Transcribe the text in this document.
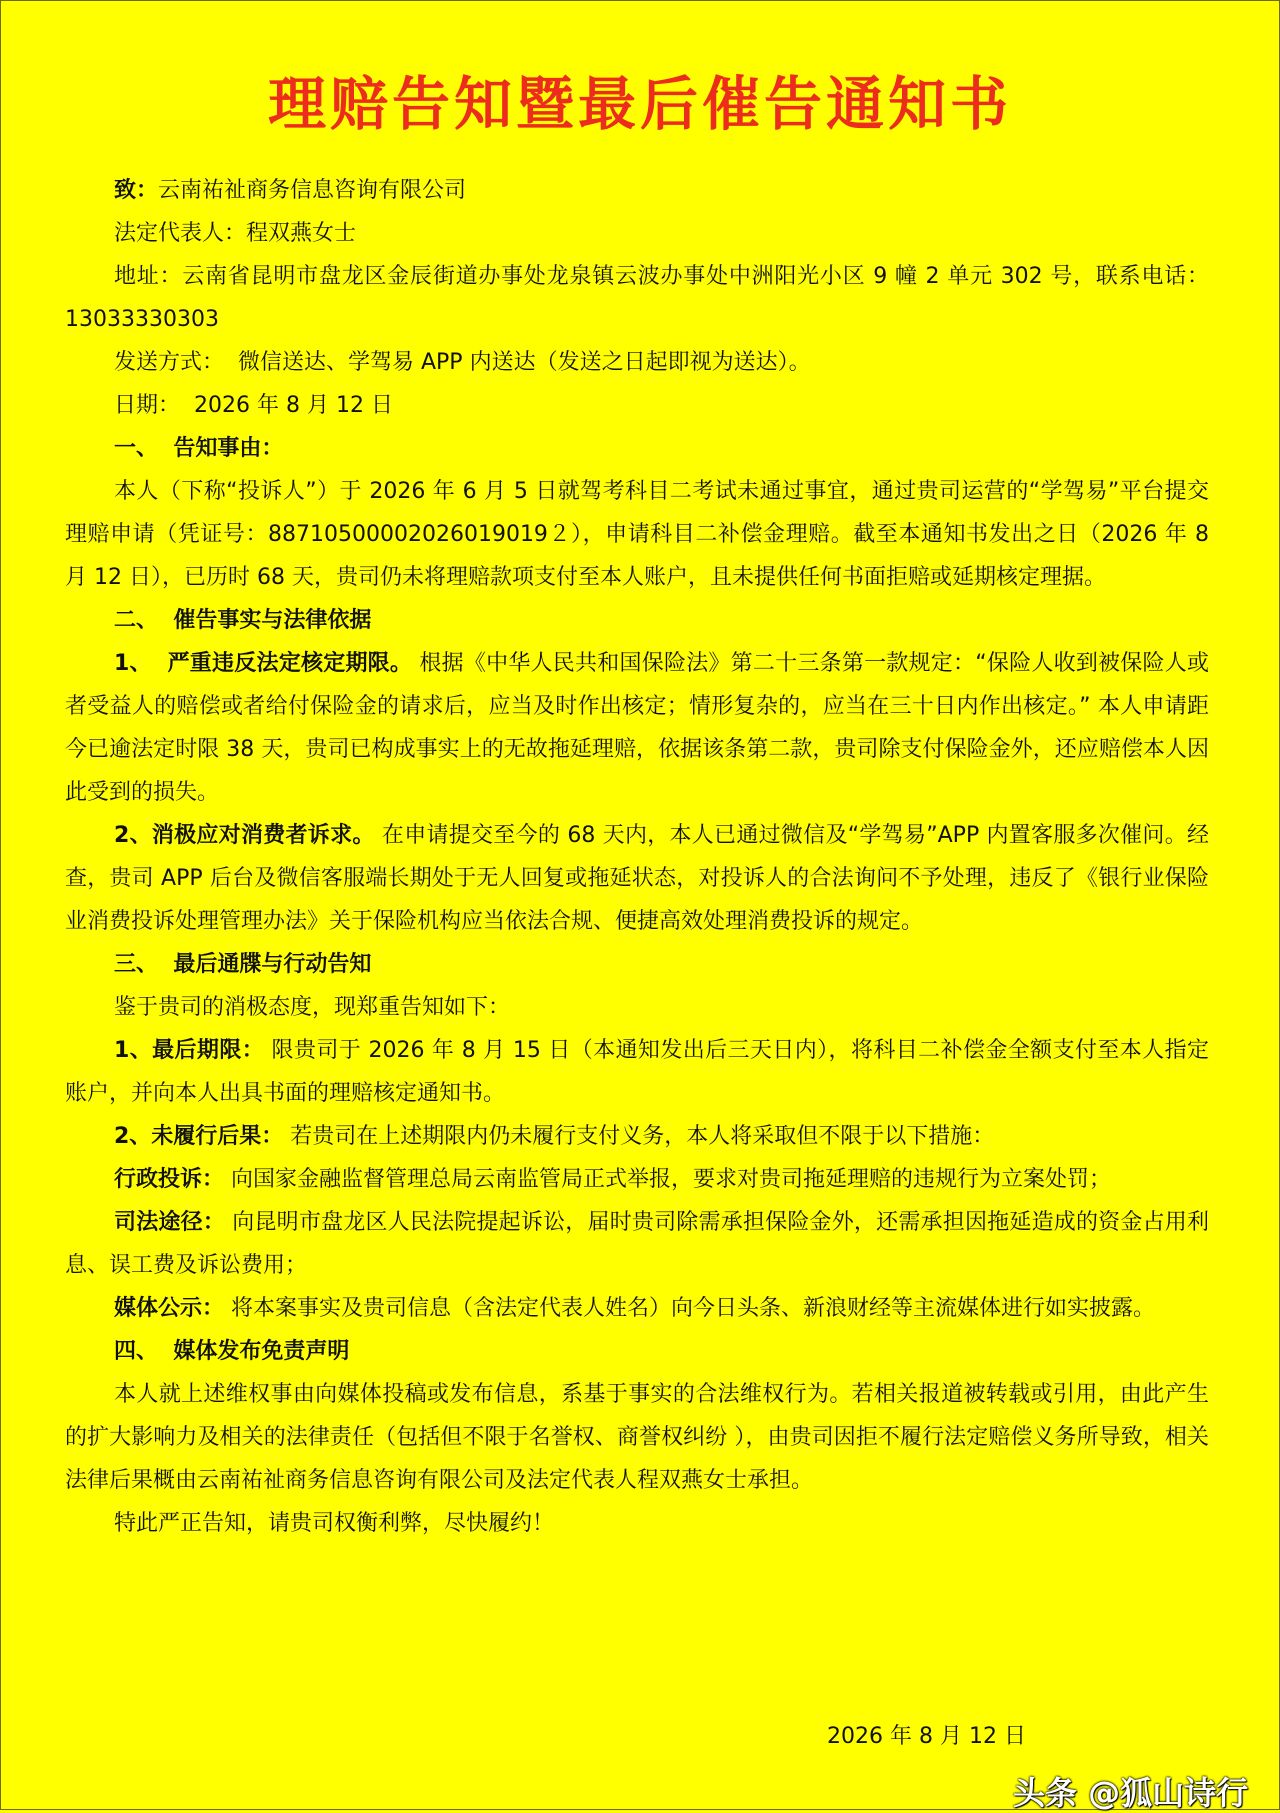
理赔告知暨最后催告通知书

致：云南祐祉商务信息咨询有限公司

法定代表人：程双燕女士

地址：云南省昆明市盘龙区金辰街道办事处龙泉镇云波办事处中洲阳光小区 9 幢 2 单元 302 号，联系电话：13033330303

发送方式：  微信送达、学驾易 APP 内送达（发送之日起即视为送达）。

日期：  2026 年 8 月 12 日

一、  告知事由：

本人（下称“投诉人”）于 2026 年 6 月 5 日就驾考科目二考试未通过事宜，通过贵司运营的“学驾易”平台提交理赔申请（凭证号：88710500002026019019２），申请科目二补偿金理赔。截至本通知书发出之日（2026 年 8 月 12 日），已历时 68 天，贵司仍未将理赔款项支付至本人账户，且未提供任何书面拒赔或延期核定理据。

二、  催告事实与法律依据

1、  严重违反法定核定期限。 根据《中华人民共和国保险法》第二十三条第一款规定：“保险人收到被保险人或者受益人的赔偿或者给付保险金的请求后，应当及时作出核定；情形复杂的，应当在三十日内作出核定。” 本人申请距今已逾法定时限 38 天，贵司已构成事实上的无故拖延理赔，依据该条第二款，贵司除支付保险金外，还应赔偿本人因此受到的损失。

2、消极应对消费者诉求。 在申请提交至今的 68 天内，本人已通过微信及“学驾易”APP 内置客服多次催问。经查，贵司 APP 后台及微信客服端长期处于无人回复或拖延状态，对投诉人的合法询问不予处理，违反了《银行业保险业消费投诉处理管理办法》关于保险机构应当依法合规、便捷高效处理消费投诉的规定。

三、  最后通牒与行动告知

鉴于贵司的消极态度，现郑重告知如下：

1、最后期限： 限贵司于 2026 年 8 月 15 日（本通知发出后三天日内），将科目二补偿金全额支付至本人指定账户，并向本人出具书面的理赔核定通知书。

2、未履行后果： 若贵司在上述期限内仍未履行支付义务，本人将采取但不限于以下措施：

行政投诉： 向国家金融监督管理总局云南监管局正式举报，要求对贵司拖延理赔的违规行为立案处罚；

司法途径： 向昆明市盘龙区人民法院提起诉讼，届时贵司除需承担保险金外，还需承担因拖延造成的资金占用利息、误工费及诉讼费用；

媒体公示： 将本案事实及贵司信息（含法定代表人姓名）向今日头条、新浪财经等主流媒体进行如实披露。

四、  媒体发布免责声明

本人就上述维权事由向媒体投稿或发布信息，系基于事实的合法维权行为。若相关报道被转载或引用，由此产生的扩大影响力及相关的法律责任（包括但不限于名誉权、商誉权纠纷 ），由贵司因拒不履行法定赔偿义务所导致，相关法律后果概由云南祐祉商务信息咨询有限公司及法定代表人程双燕女士承担。

特此严正告知，请贵司权衡利弊，尽快履约！

2026 年 8 月 12 日

头条 @狐山诗行
